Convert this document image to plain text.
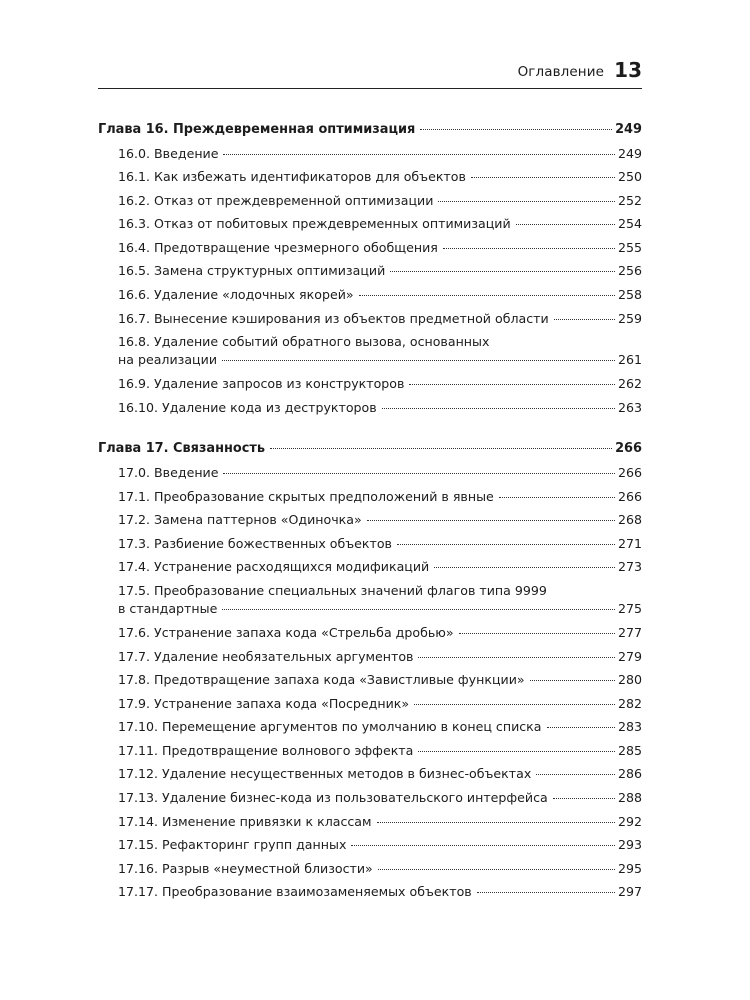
Оглавление 13
Глава 16. Преждевременная оптимизация	249
16.0. Введение	249
16.1. Как избежать идентификаторов для объектов	250
16.2. Отказ от преждевременной оптимизации	252
16.3. Отказ от побитовых преждевременных оптимизаций	254
16.4. Предотвращение чрезмерного обобщения	255
16.5. Замена структурных оптимизаций	256
16.6. Удаление «лодочных якорей»	258
16.7. Вынесение кэширования из объектов предметной области	259
16.8. Удаление событий обратного вызова, основанных
на реализации	261
16.9. Удаление запросов из конструкторов	262
16.10. Удаление кода из деструкторов	263
Глава 17. Связанность	266
17.0. Введение	266
17.1. Преобразование скрытых предположений в явные	266
17.2. Замена паттернов «Одиночка»	268
17.3. Разбиение божественных объектов	271
17.4. Устранение расходящихся модификаций	273
17.5. Преобразование специальных значений флагов типа 9999
в стандартные	275
17.6. Устранение запаха кода «Стрельба дробью»	277
17.7. Удаление необязательных аргументов	279
17.8. Предотвращение запаха кода «Завистливые функции»	280
17.9. Устранение запаха кода «Посредник»	282
17.10. Перемещение аргументов по умолчанию в конец списка	283
17.11. Предотвращение волнового эффекта	285
17.12. Удаление несущественных методов в бизнес-объектах	286
17.13. Удаление бизнес-кода из пользовательского интерфейса	288
17.14. Изменение привязки к классам	292
17.15. Рефакторинг групп данных	293
17.16. Разрыв «неуместной близости»	295
17.17. Преобразование взаимозаменяемых объектов	297
